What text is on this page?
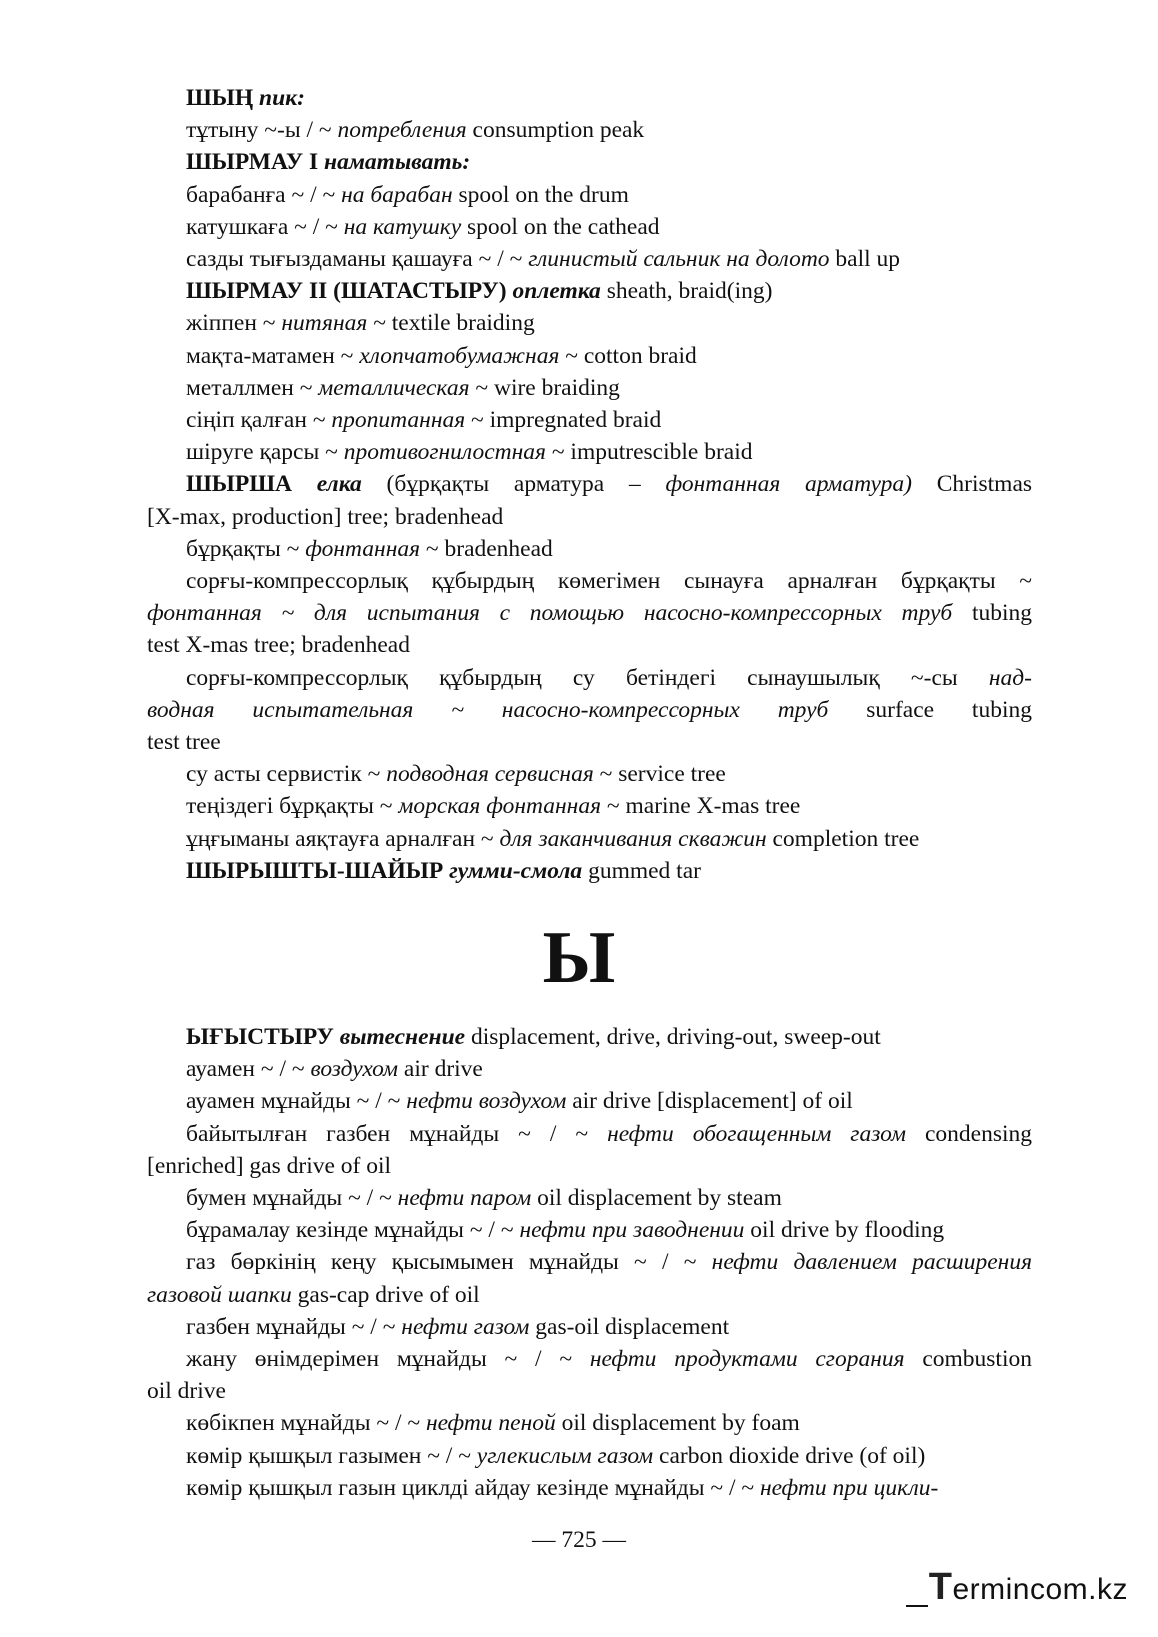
ШЫҢ пик:
тұтыну ~-ы / ~ потребления consumption peak
ШЫРМАУ І наматывать:
барабанға ~ / ~ на барабан spool on the drum
катушкаға ~ / ~ на катушку spool on the cathead
сазды тығыздаманы қашауға ~ / ~ глинистый сальник на долото ball up
ШЫРМАУ ІІ (ШАТАСТЫРУ) оплетка sheath, braid(ing)
жіппен ~ нитяная ~ textile braiding
мақта-матамен ~ хлопчатобумажная ~ cotton braid
металлмен ~ металлическая ~ wire braiding
сіңіп қалған ~ пропитанная ~ impregnated braid
шіруге қарсы ~ противогнилостная ~ imputrescible braid
ШЫРША елка (бұрқақты арматура – фонтанная арматура) Christmas
[X-max, production] tree; bradenhead
бұрқақты ~ фонтанная ~ bradenhead
сорғы-компрессорлық құбырдың көмегімен сынауға арналған бұрқақты ~
фонтанная ~ для испытания с помощью насосно-компрессорных труб tubing
test X-mas tree; bradenhead
сорғы-компрессорлық құбырдың су бетіндегі сынаушылық ~-сы над-
водная испытательная ~ насосно-компрессорных труб surface tubing
test tree
су асты сервистік ~ подводная сервисная ~ service tree
теңіздегі бұрқақты ~ морская фонтанная ~ marine X-mas tree
ұңғыманы аяқтауға арналған ~ для заканчивания скважин completion tree
ШЫРЫШТЫ-ШАЙЫР гумми-смола gummed tar
Ы
ЫҒЫСТЫРУ вытеснение displacement, drive, driving-out, sweep-out
ауамен ~ / ~ воздухом air drive
ауамен мұнайды ~ / ~ нефти воздухом air drive [displacement] of oil
байытылған газбен мұнайды ~ / ~ нефти обогащенным газом condensing
[enriched] gas drive of oil
бумен мұнайды ~ / ~ нефти паром oil displacement by steam
бұрамалау кезінде мұнайды ~ / ~ нефти при заводнении oil drive by flooding
газ бөркінің кеңу қысымымен мұнайды ~ / ~ нефти давлением расширения
газовой шапки gas-cap drive of oil
газбен мұнайды ~ / ~ нефти газом gas-oil displacement
жану өнімдерімен мұнайды ~ / ~ нефти продуктами сгорания combustion
oil drive
көбікпен мұнайды ~ / ~ нефти пеной oil displacement by foam
көмір қышқыл газымен ~ / ~ углекислым газом carbon dioxide drive (of oil)
көмір қышқыл газын циклді айдау кезінде мұнайды ~ / ~ нефти при цикли-
— 725 —
Termincom.kz
